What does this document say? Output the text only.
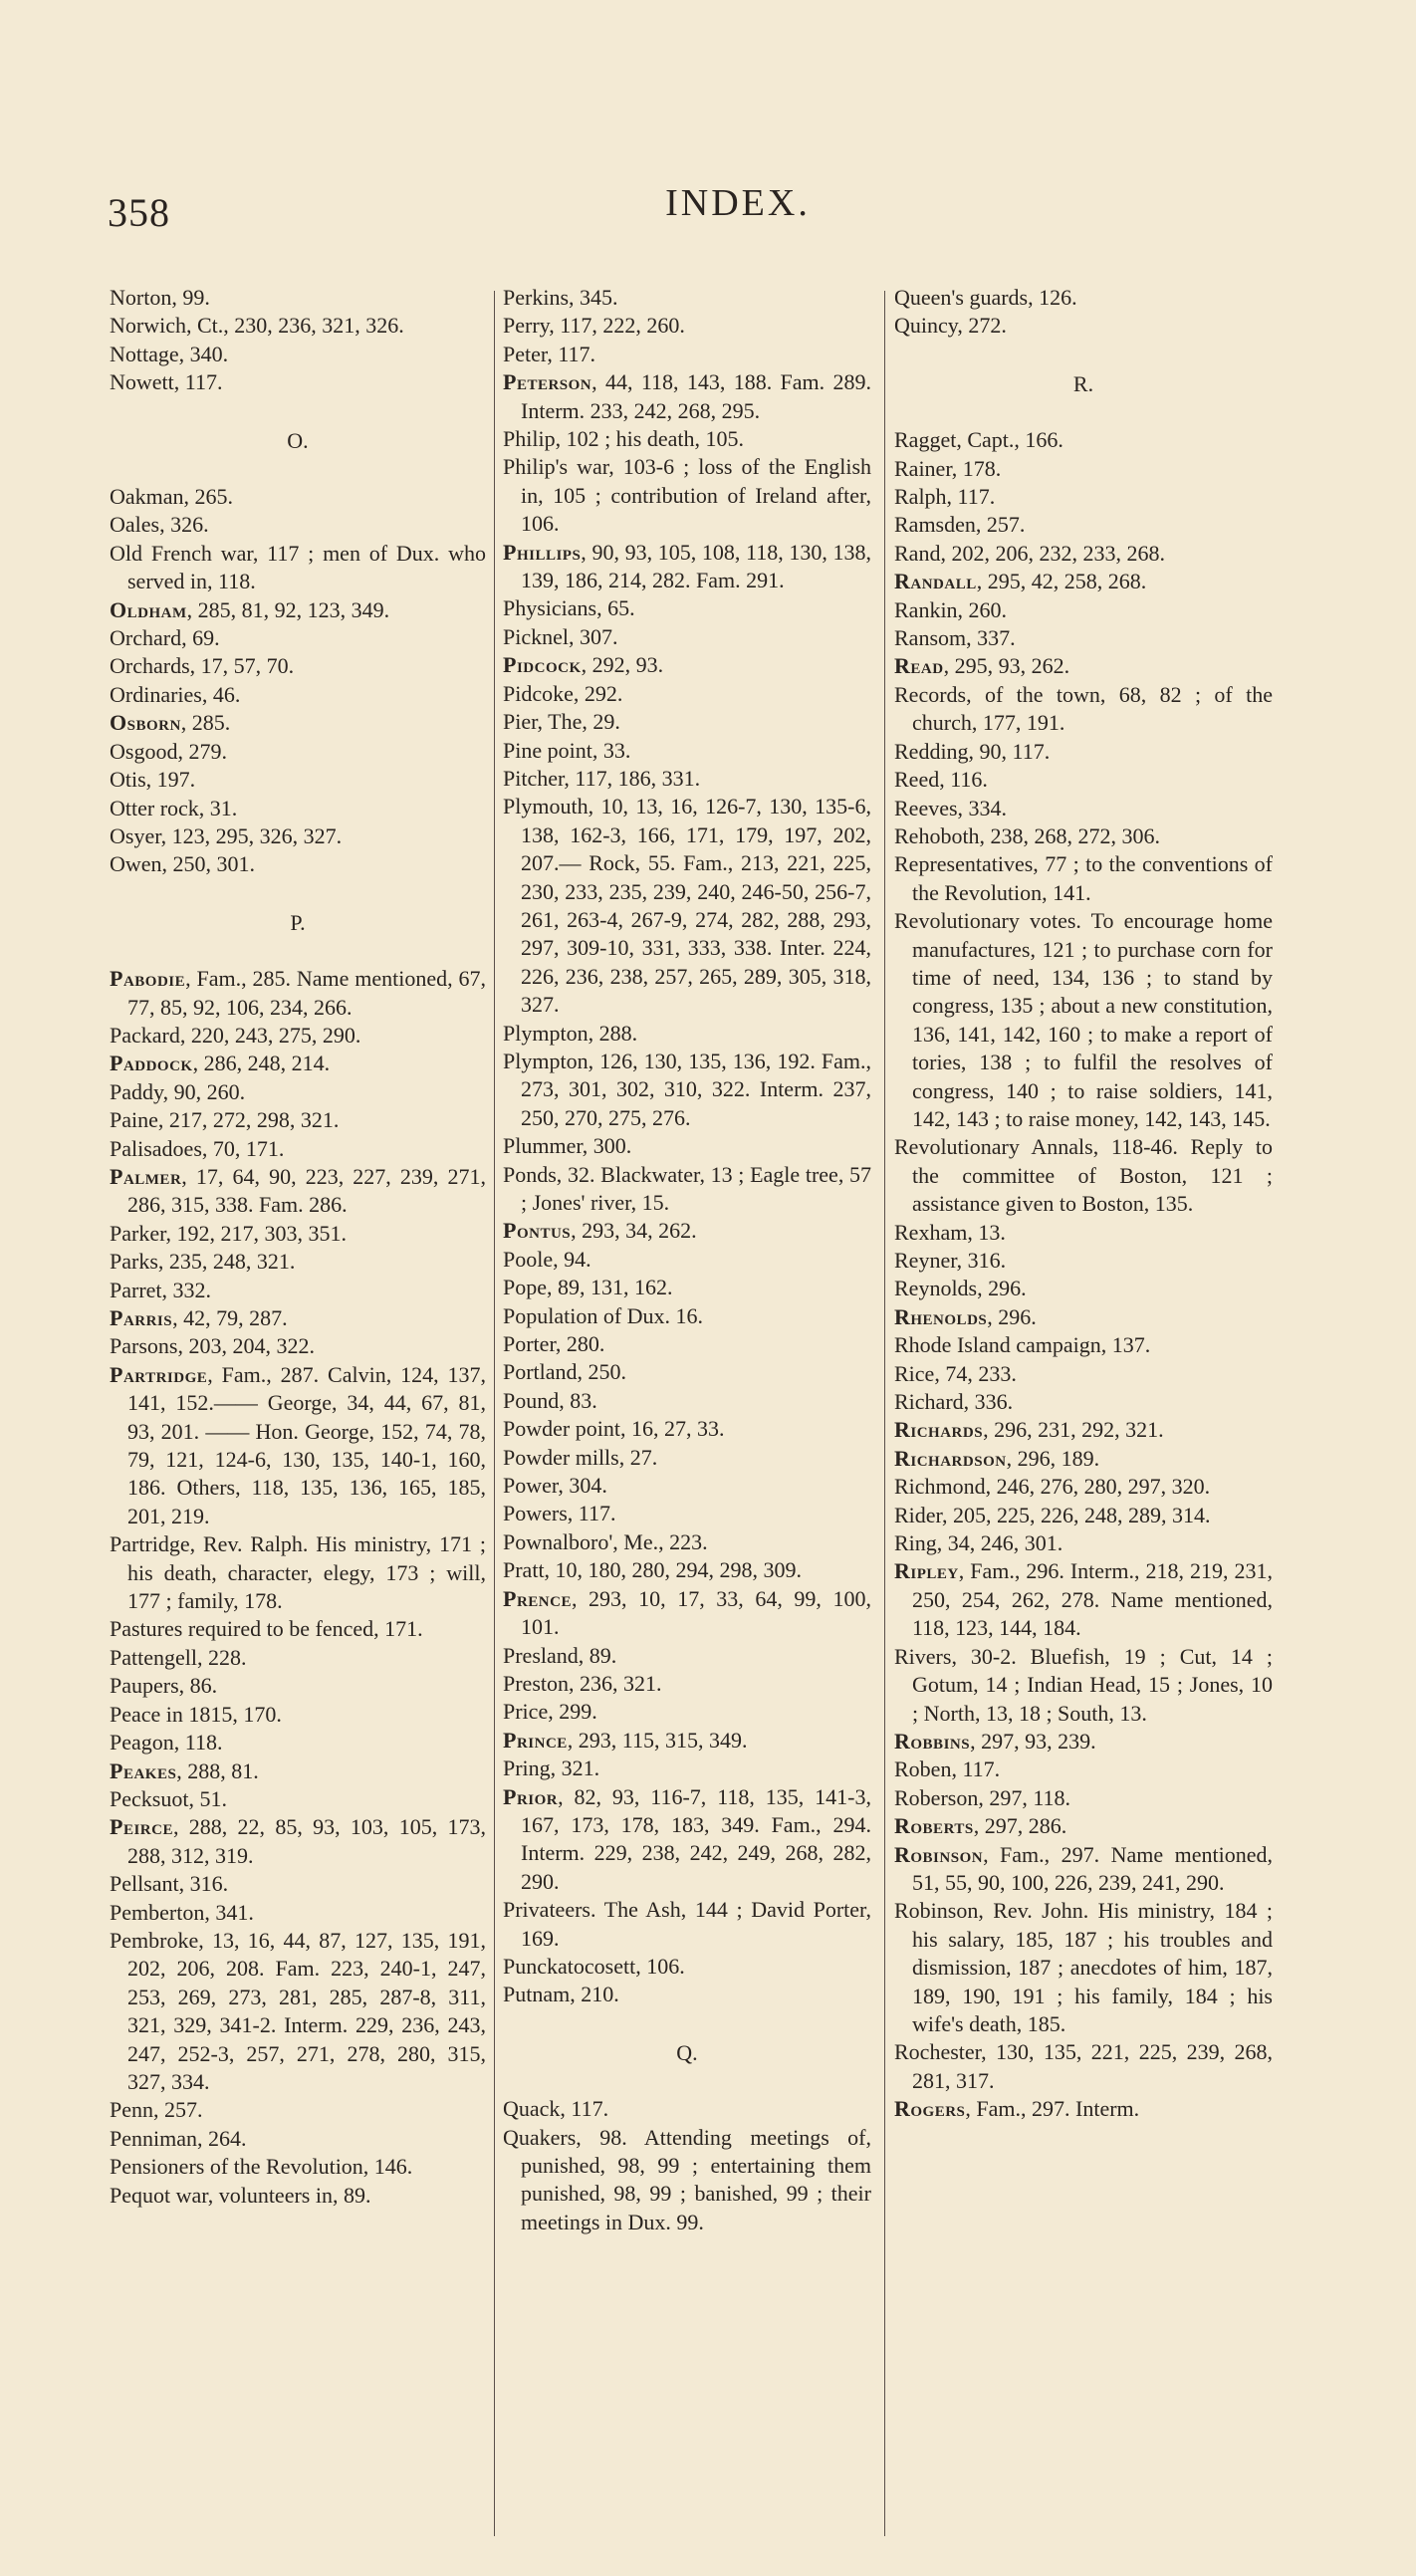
358	INDEX.

Norton, 99.

Norwich, Ct., 230, 236, 321, 326.

Nottage, 340.

Nowett, 117.

O.

Oakman, 265.

Oales, 326.

Old French war, 117 ; men of Dux. who served in, 118.

Oldham, 285, 81, 92, 123, 349.

Orchard, 69.

Orchards, 17, 57, 70.

Ordinaries, 46.

Osborn, 285.

Osgood, 279.

Otis, 197.

Otter rock, 31.

Osyer, 123, 295, 326, 327.

Owen, 250, 301.

P.

Pabodie, Fam., 285. Name mentioned, 67, 77, 85, 92, 106, 234, 266.

Packard, 220, 243, 275, 290.

Paddock, 286, 248, 214.

Paddy, 90, 260.

Paine, 217, 272, 298, 321.

Palisadoes, 70, 171.

Palmer, 17, 64, 90, 223, 227, 239, 271, 286, 315, 338. Fam. 286.

Parker, 192, 217, 303, 351.

Parks, 235, 248, 321.

Parret, 332.

Parris, 42, 79, 287.

Parsons, 203, 204, 322.

Partridge, Fam., 287. Calvin, 124, 137, 141, 152.—— George, 34, 44, 67, 81, 93, 201. —— Hon. George, 152, 74, 78, 79, 121, 124-6, 130, 135, 140-1, 160, 186. Others, 118, 135, 136, 165, 185, 201, 219.

Partridge, Rev. Ralph. His ministry, 171 ; his death, character, elegy, 173 ; will, 177 ; family, 178.

Pastures required to be fenced, 171.

Pattengell, 228.

Paupers, 86.

Peace in 1815, 170.

Peagon, 118.

Peakes, 288, 81.

Pecksuot, 51.

Peirce, 288, 22, 85, 93, 103, 105, 173, 288, 312, 319.

Pellsant, 316.

Pemberton, 341.

Pembroke, 13, 16, 44, 87, 127, 135, 191, 202, 206, 208. Fam. 223, 240-1, 247, 253, 269, 273, 281, 285, 287-8, 311, 321, 329, 341-2. Interm. 229, 236, 243, 247, 252-3, 257, 271, 278, 280, 315, 327, 334.

Penn, 257.

Penniman, 264.

Pensioners of the Revolution, 146.

Pequot war, volunteers in, 89.

Perkins, 345.

Perry, 117, 222, 260.

Peter, 117.

Peterson, 44, 118, 143, 188. Fam. 289. Interm. 233, 242, 268, 295.

Philip, 102 ; his death, 105.

Philip's war, 103-6 ; loss of the English in, 105 ; contribution of Ireland after, 106.

Phillips, 90, 93, 105, 108, 118, 130, 138, 139, 186, 214, 282. Fam. 291.

Physicians, 65.

Picknel, 307.

Pidcock, 292, 93.

Pidcoke, 292.

Pier, The, 29.

Pine point, 33.

Pitcher, 117, 186, 331.

Plymouth, 10, 13, 16, 126-7, 130, 135-6, 138, 162-3, 166, 171, 179, 197, 202, 207.— Rock, 55. Fam., 213, 221, 225, 230, 233, 235, 239, 240, 246-50, 256-7, 261, 263-4, 267-9, 274, 282, 288, 293, 297, 309-10, 331, 333, 338. Inter. 224, 226, 236, 238, 257, 265, 289, 305, 318, 327.

Plympton, 288.

Plympton, 126, 130, 135, 136, 192. Fam., 273, 301, 302, 310, 322. Interm. 237, 250, 270, 275, 276.

Plummer, 300.

Ponds, 32. Blackwater, 13 ; Eagle tree, 57 ; Jones' river, 15.

Pontus, 293, 34, 262.

Poole, 94.

Pope, 89, 131, 162.

Population of Dux. 16.

Porter, 280.

Portland, 250.

Pound, 83.

Powder point, 16, 27, 33.

Powder mills, 27.

Power, 304.

Powers, 117.

Pownalboro', Me., 223.

Pratt, 10, 180, 280, 294, 298, 309.

Prence, 293, 10, 17, 33, 64, 99, 100, 101.

Presland, 89.

Preston, 236, 321.

Price, 299.

Prince, 293, 115, 315, 349.

Pring, 321.

Prior, 82, 93, 116-7, 118, 135, 141-3, 167, 173, 178, 183, 349. Fam., 294. Interm. 229, 238, 242, 249, 268, 282, 290.

Privateers. The Ash, 144 ; David Porter, 169.

Punckatocosett, 106.

Putnam, 210.

Q.

Quack, 117.

Quakers, 98. Attending meetings of, punished, 98, 99 ; entertaining them punished, 98, 99 ; banished, 99 ; their meetings in Dux. 99.

Queen's guards, 126.

Quincy, 272.

R.

Ragget, Capt., 166.

Rainer, 178.

Ralph, 117.

Ramsden, 257.

Rand, 202, 206, 232, 233, 268.

Randall, 295, 42, 258, 268.

Rankin, 260.

Ransom, 337.

Read, 295, 93, 262.

Records, of the town, 68, 82 ; of the church, 177, 191.

Redding, 90, 117.

Reed, 116.

Reeves, 334.

Rehoboth, 238, 268, 272, 306.

Representatives, 77 ; to the conventions of the Revolution, 141.

Revolutionary votes. To encourage home manufactures, 121 ; to purchase corn for time of need, 134, 136 ; to stand by congress, 135 ; about a new constitution, 136, 141, 142, 160 ; to make a report of tories, 138 ; to fulfil the resolves of congress, 140 ; to raise soldiers, 141, 142, 143 ; to raise money, 142, 143, 145.

Revolutionary Annals, 118-46. Reply to the committee of Boston, 121 ; assistance given to Boston, 135.

Rexham, 13.

Reyner, 316.

Reynolds, 296.

Rhenolds, 296.

Rhode Island campaign, 137.

Rice, 74, 233.

Richard, 336.

Richards, 296, 231, 292, 321.

Richardson, 296, 189.

Richmond, 246, 276, 280, 297, 320.

Rider, 205, 225, 226, 248, 289, 314.

Ring, 34, 246, 301.

Ripley, Fam., 296. Interm., 218, 219, 231, 250, 254, 262, 278. Name mentioned, 118, 123, 144, 184.

Rivers, 30-2. Bluefish, 19 ; Cut, 14 ; Gotum, 14 ; Indian Head, 15 ; Jones, 10 ; North, 13, 18 ; South, 13.

Robbins, 297, 93, 239.

Roben, 117.

Roberson, 297, 118.

Roberts, 297, 286.

Robinson, Fam., 297. Name mentioned, 51, 55, 90, 100, 226, 239, 241, 290.

Robinson, Rev. John. His ministry, 184 ; his salary, 185, 187 ; his troubles and dismission, 187 ; anecdotes of him, 187, 189, 190, 191 ; his family, 184 ; his wife's death, 185.

Rochester, 130, 135, 221, 225, 239, 268, 281, 317.

Rogers, Fam., 297. Interm.
